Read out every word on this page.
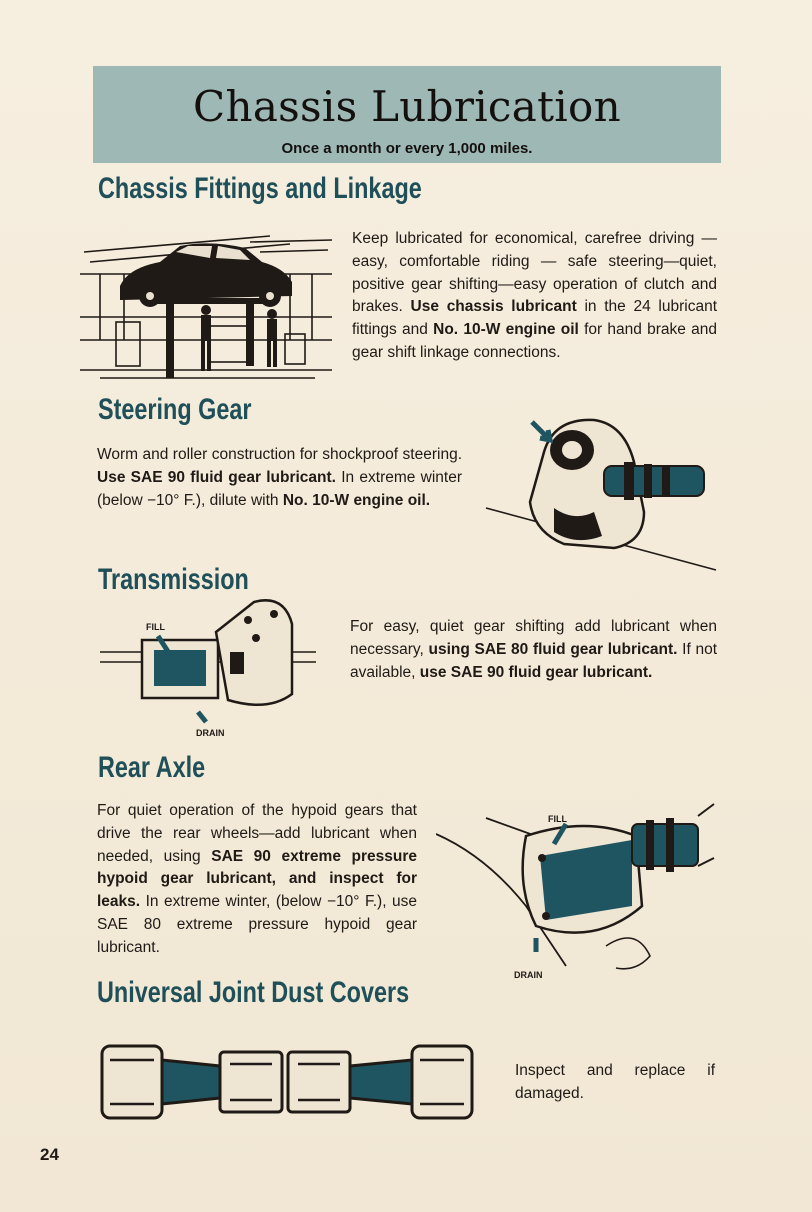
Chassis Lubrication
Once a month or every 1,000 miles.
Chassis Fittings and Linkage
Keep lubricated for economical, carefree driving — easy, comfortable riding — safe steering—quiet, positive gear shifting—easy operation of clutch and brakes. Use chassis lubricant in the 24 lubricant fittings and No. 10-W engine oil for hand brake and gear shift linkage connections.
Steering Gear
Worm and roller construction for shockproof steering. Use SAE 90 fluid gear lubricant. In extreme winter (below −10° F.), dilute with No. 10-W engine oil.
Transmission
FILL
DRAIN
For easy, quiet gear shifting add lubricant when necessary, using SAE 80 fluid gear lubricant. If not available, use SAE 90 fluid gear lubricant.
Rear Axle
For quiet operation of the hypoid gears that drive the rear wheels—add lubricant when needed, using SAE 90 extreme pressure hypoid gear lubricant, and inspect for leaks. In extreme winter, (below −10° F.), use SAE 80 extreme pressure hypoid gear lubricant.
FILL
DRAIN
Universal Joint Dust Covers
Inspect and replace if damaged.
24
